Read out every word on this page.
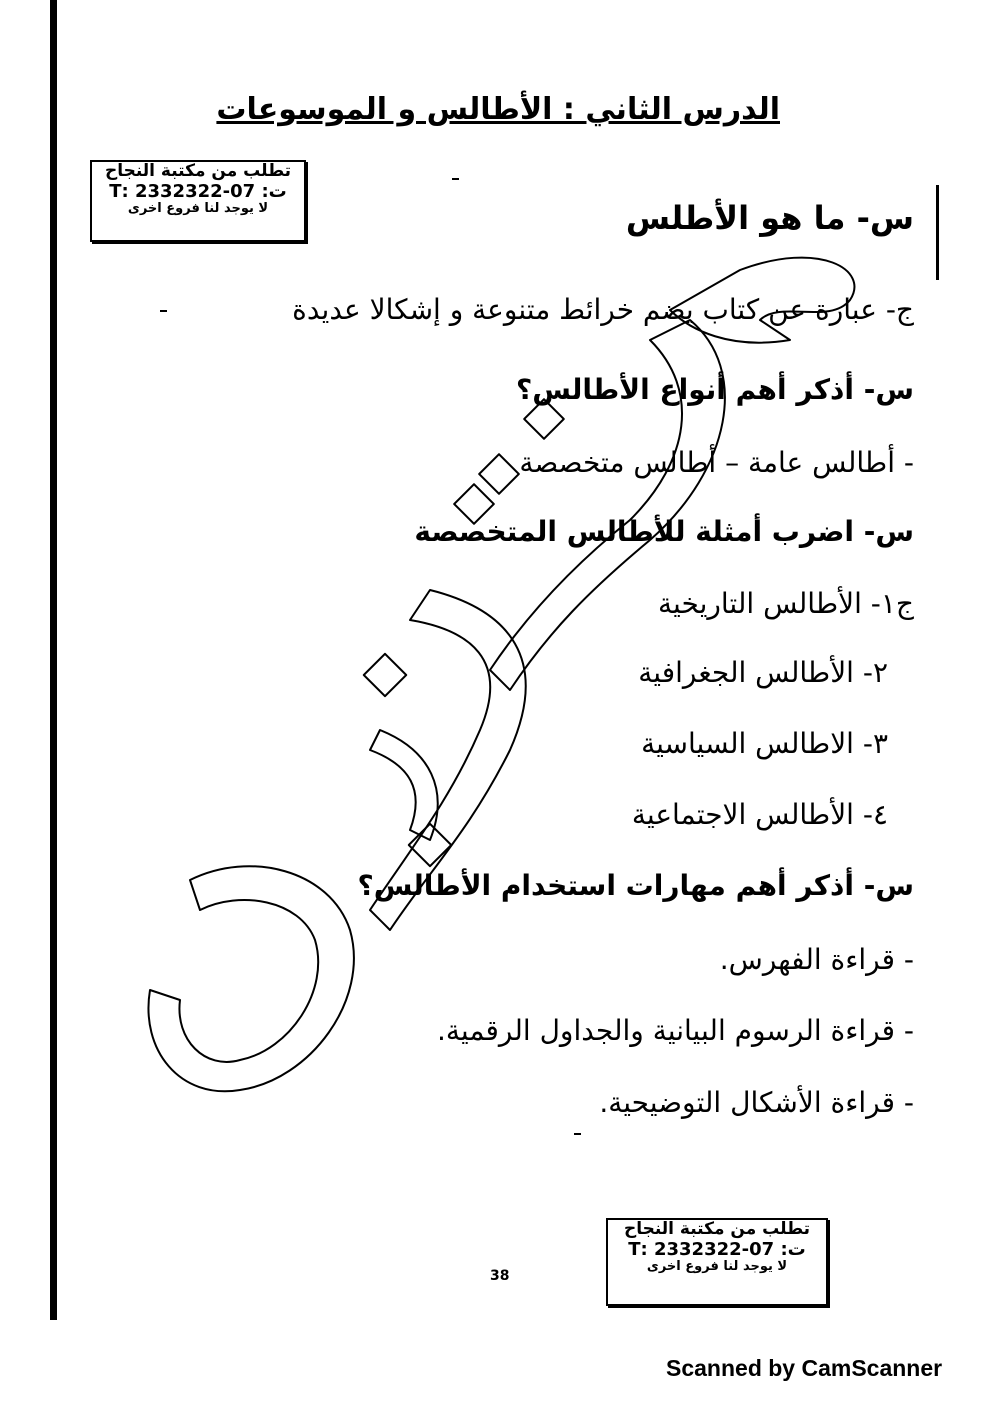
الدرس الثاني : الأطالس و الموسوعات
تطلب من مكتبة النجاح
ت: 07-2332322 :T
لا يوجد لنا فروع اخرى	س- ما هو الأطلس
ج- عبارة عن كتاب يضم خرائط متنوعة و إشكالا عديدة
س- أذكر أهم أنواع الأطالس؟
- أطالس عامة – أطالس متخصصة
س- اضرب أمثلة للأطالس المتخصصة
ج١- الأطالس التاريخية
٢- الأطالس الجغرافية
٣- الاطالس السياسية
٤- الأطالس الاجتماعية
س- أذكر أهم مهارات استخدام الأطالس؟
- قراءة الفهرس.
- قراءة الرسوم البيانية والجداول الرقمية.
- قراءة الأشكال التوضيحية.
تطلب من مكتبة النجاح
ت: 07-2332322 :T
لا يوجد لنا فروع اخرى
38
Scanned by CamScanner
